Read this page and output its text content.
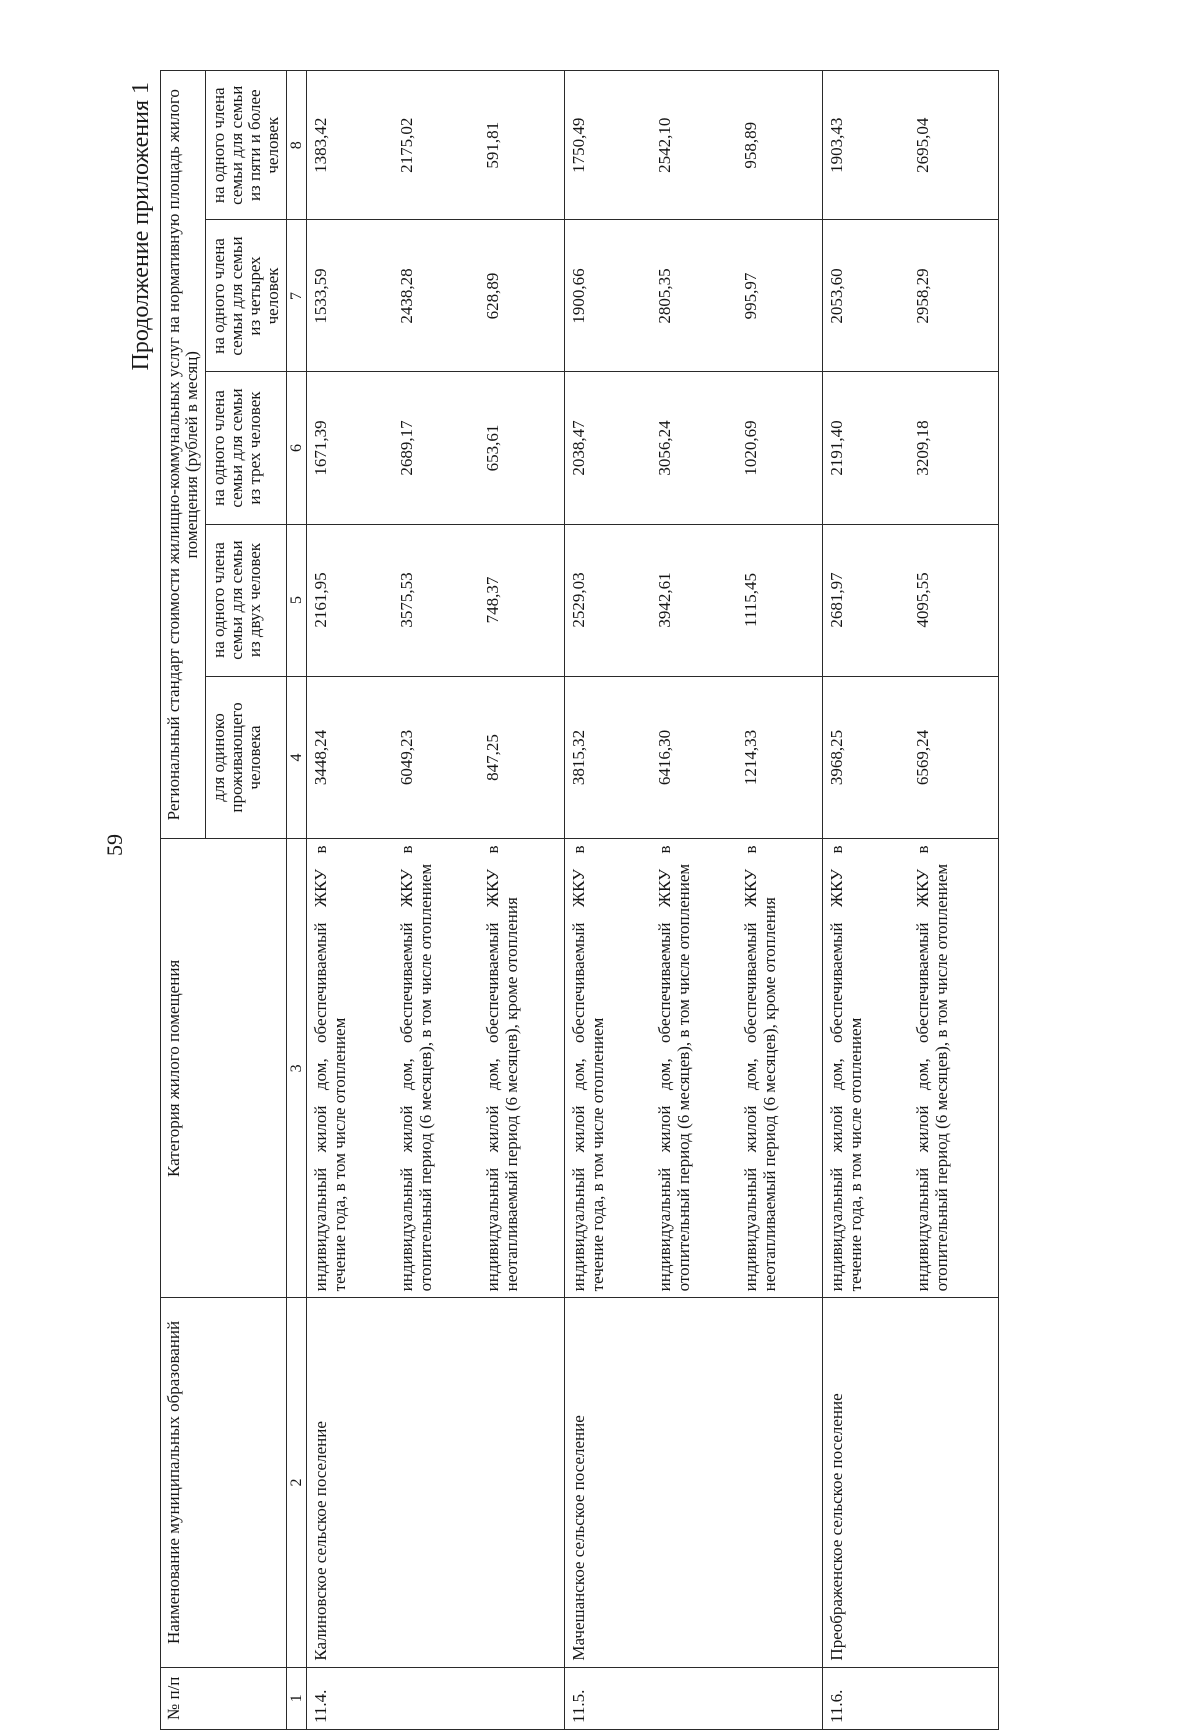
59
Продолжение приложения 1
№ п/п	Наименование муниципальных образований	Категория жилого помещения	Региональный стандарт стоимости жилищно-коммунальных услуг на нормативную площадь жилого помещения (рублей в месяц)				
			для одиноко проживающего человека	на одного члена семьи для семьи из двух человек	на одного члена семьи для семьи из трех человек	на одного члена семьи для семьи из четырех человек	на одного члена семьи для семьи из пяти и более человек
1	2	3	4	5	6	7	8
11.4.	Калиновское сельское поселение	индивидуальный жилой дом, обеспечиваемый ЖКУ в течение года, в том числе отоплением	3448,24	2161,95	1671,39	1533,59	1383,42
		индивидуальный жилой дом, обеспечиваемый ЖКУ в отопительный период (6 месяцев), в том числе отоплением	6049,23	3575,53	2689,17	2438,28	2175,02
		индивидуальный жилой дом, обеспечиваемый ЖКУ в неотапливаемый период (6 месяцев), кроме отопления	847,25	748,37	653,61	628,89	591,81
11.5.	Мачешанское сельское поселение	индивидуальный жилой дом, обеспечиваемый ЖКУ в течение года, в том числе отоплением	3815,32	2529,03	2038,47	1900,66	1750,49
		индивидуальный жилой дом, обеспечиваемый ЖКУ в отопительный период (6 месяцев), в том числе отоплением	6416,30	3942,61	3056,24	2805,35	2542,10
		индивидуальный жилой дом, обеспечиваемый ЖКУ в неотапливаемый период (6 месяцев), кроме отопления	1214,33	1115,45	1020,69	995,97	958,89
11.6.	Преображенское сельское поселение	индивидуальный жилой дом, обеспечиваемый ЖКУ в течение года, в том числе отоплением	3968,25	2681,97	2191,40	2053,60	1903,43
		индивидуальный жилой дом, обеспечиваемый ЖКУ в отопительный период (6 месяцев), в том числе отоплением	6569,24	4095,55	3209,18	2958,29	2695,04
